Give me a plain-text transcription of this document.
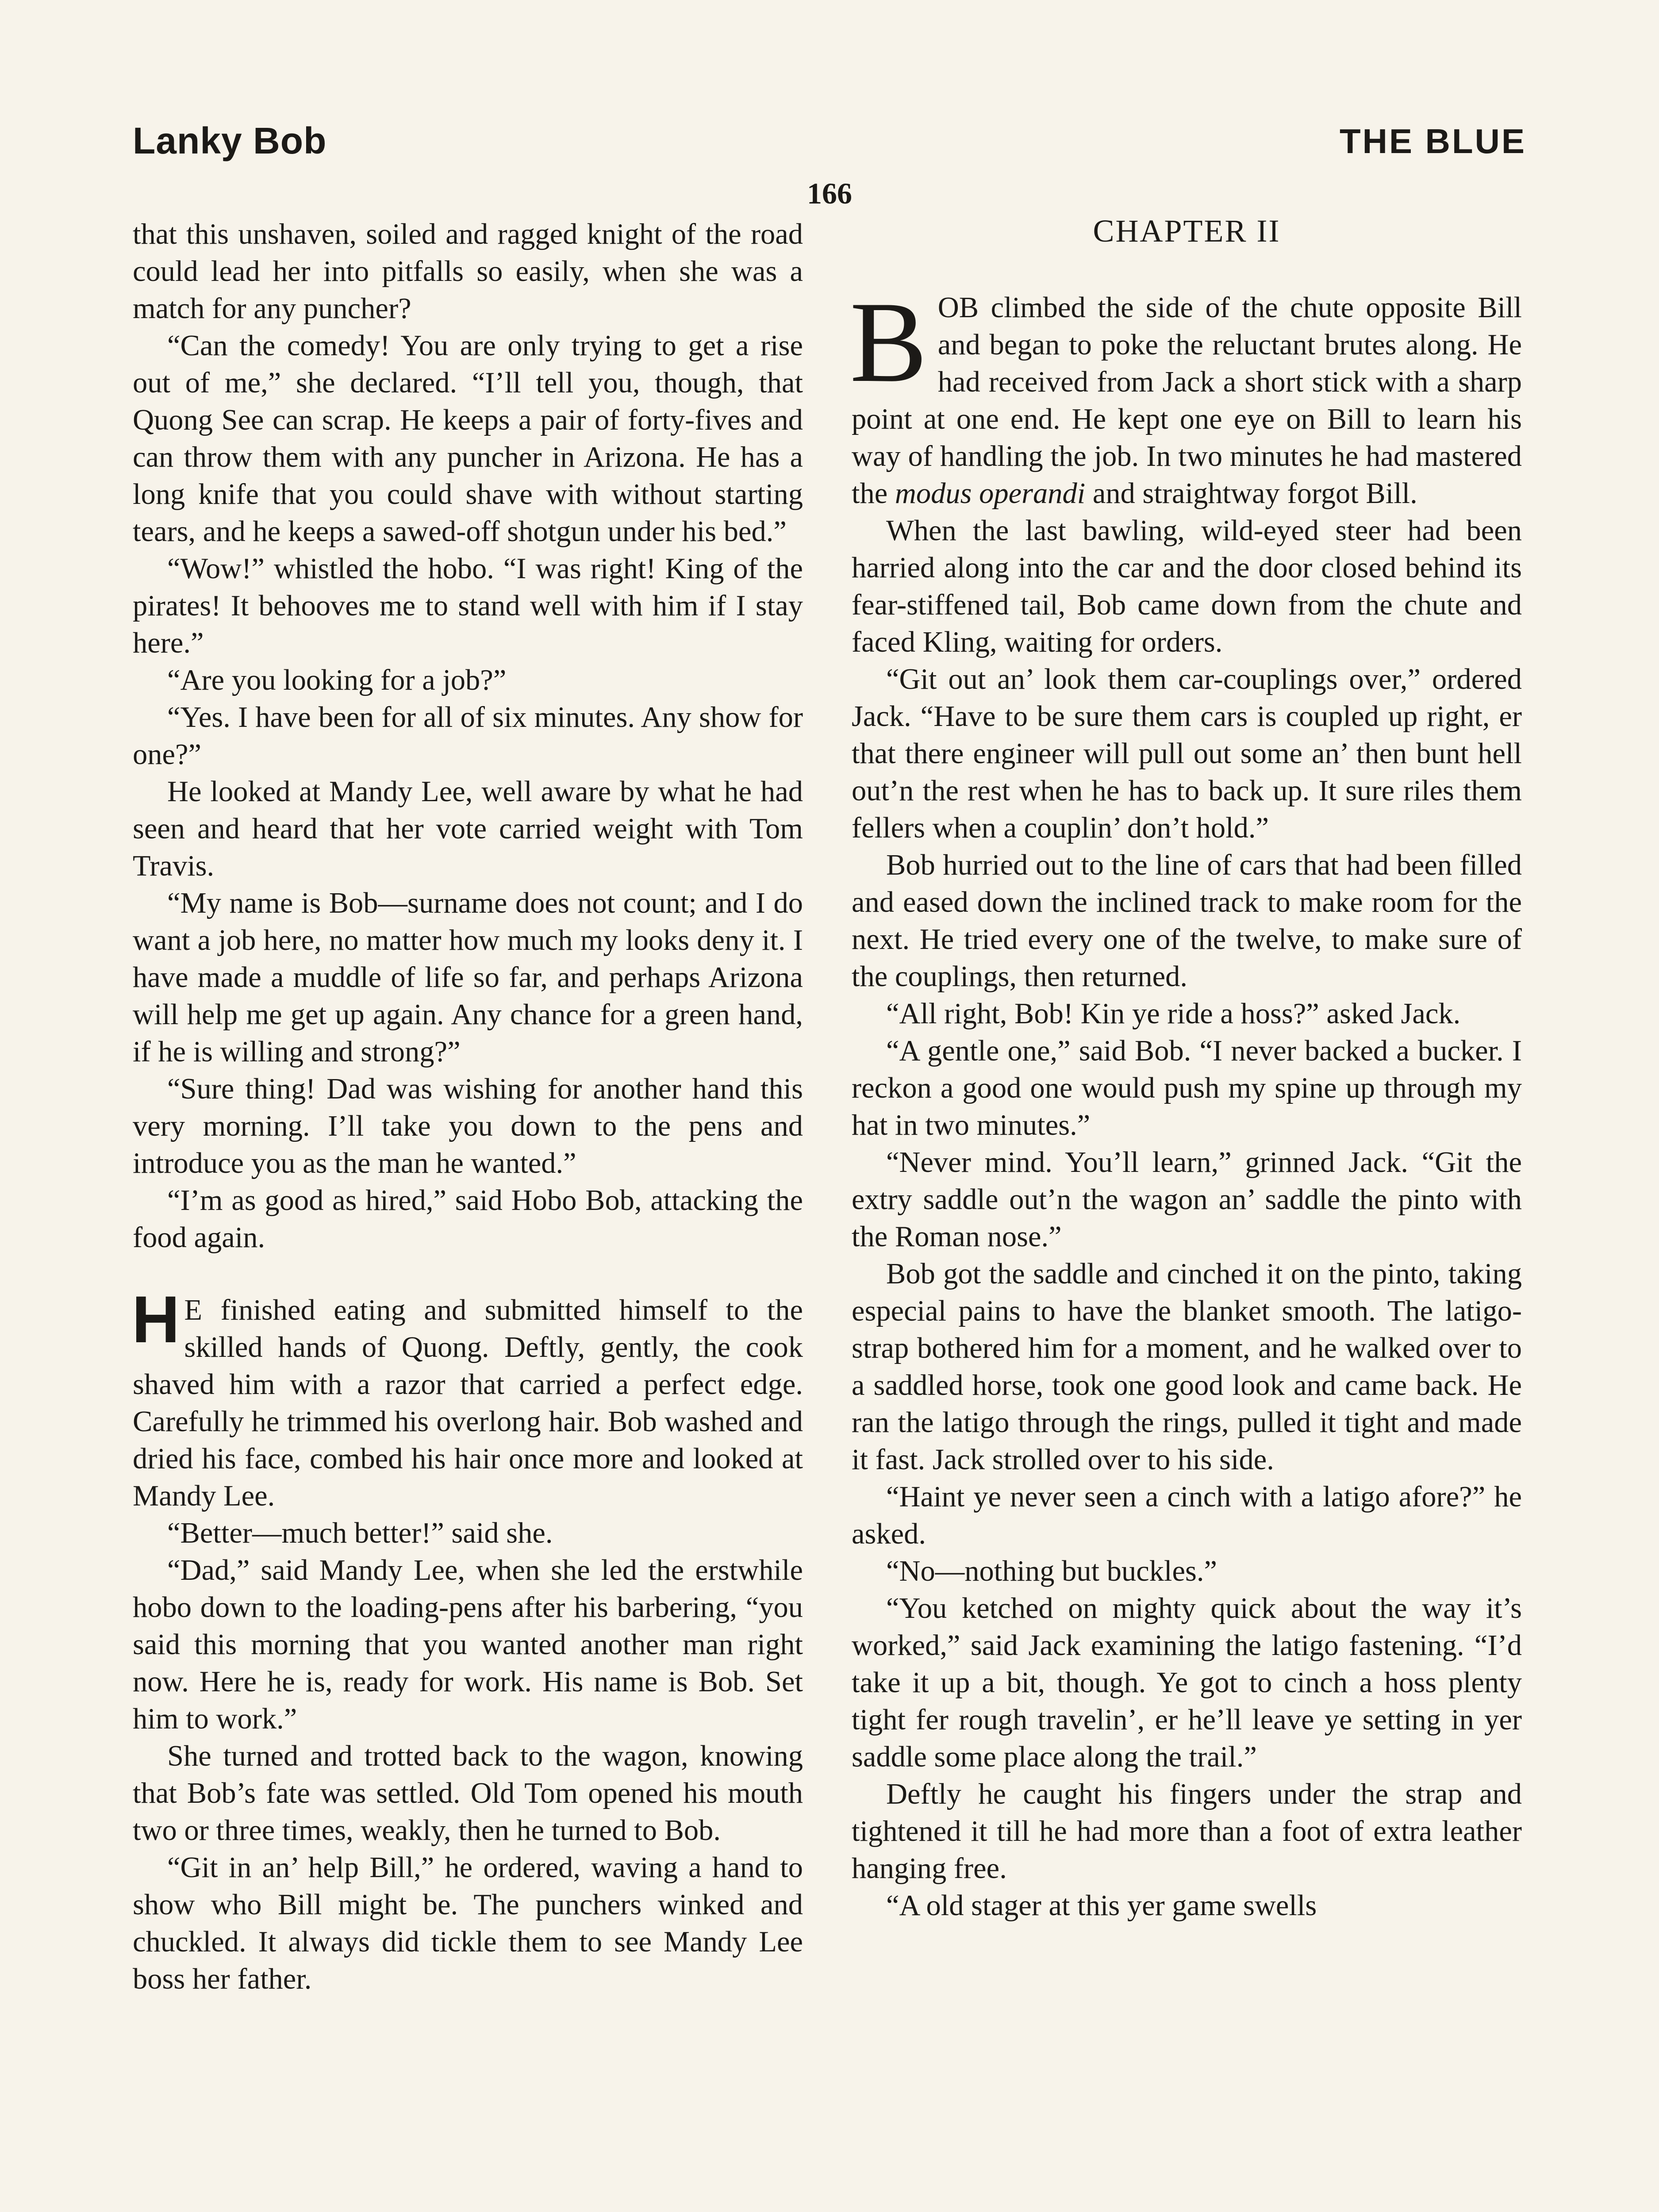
Lanky Bob	THE BLUE
166

that this unshaven, soiled and ragged knight of the road could lead her into pitfalls so easily, when she was a match for any puncher?

“Can the comedy! You are only trying to get a rise out of me,” she declared. “I’ll tell you, though, that Quong See can scrap. He keeps a pair of forty-fives and can throw them with any puncher in Arizona. He has a long knife that you could shave with without starting tears, and he keeps a sawed-off shotgun under his bed.”

“Wow!” whistled the hobo. “I was right! King of the pirates! It behooves me to stand well with him if I stay here.”

“Are you looking for a job?”

“Yes. I have been for all of six minutes. Any show for one?”

He looked at Mandy Lee, well aware by what he had seen and heard that her vote carried weight with Tom Travis.

“My name is Bob—surname does not count; and I do want a job here, no matter how much my looks deny it. I have made a muddle of life so far, and perhaps Arizona will help me get up again. Any chance for a green hand, if he is willing and strong?”

“Sure thing! Dad was wishing for another hand this very morning. I’ll take you down to the pens and introduce you as the man he wanted.”

“I’m as good as hired,” said Hobo Bob, attacking the food again.

H E finished eating and submitted himself to the skilled hands of Quong. Deftly, gently, the cook shaved him with a razor that carried a perfect edge. Carefully he trimmed his overlong hair. Bob washed and dried his face, combed his hair once more and looked at Mandy Lee.

“Better—much better!” said she.

“Dad,” said Mandy Lee, when she led the erstwhile hobo down to the loading-pens after his barbering, “you said this morning that you wanted another man right now. Here he is, ready for work. His name is Bob. Set him to work.”

She turned and trotted back to the wagon, knowing that Bob’s fate was settled. Old Tom opened his mouth two or three times, weakly, then he turned to Bob.

“Git in an’ help Bill,” he ordered, waving a hand to show who Bill might be. The punchers winked and chuckled. It always did tickle them to see Mandy Lee boss her father.

CHAPTER II

BOB climbed the side of the chute opposite Bill and began to poke the reluctant brutes along. He had received from Jack a short stick with a sharp point at one end. He kept one eye on Bill to learn his way of handling the job. In two minutes he had mastered the modus operandi and straightway forgot Bill.

When the last bawling, wild-eyed steer had been harried along into the car and the door closed behind its fear-stiffened tail, Bob came down from the chute and faced Kling, waiting for orders.

“Git out an’ look them car-couplings over,” ordered Jack. “Have to be sure them cars is coupled up right, er that there engineer will pull out some an’ then bunt hell out’n the rest when he has to back up. It sure riles them fellers when a couplin’ don’t hold.”

Bob hurried out to the line of cars that had been filled and eased down the inclined track to make room for the next. He tried every one of the twelve, to make sure of the couplings, then returned.

“All right, Bob! Kin ye ride a hoss?” asked Jack.

“A gentle one,” said Bob. “I never backed a bucker. I reckon a good one would push my spine up through my hat in two minutes.”

“Never mind. You’ll learn,” grinned Jack. “Git the extry saddle out’n the wagon an’ saddle the pinto with the Roman nose.”

Bob got the saddle and cinched it on the pinto, taking especial pains to have the blanket smooth. The latigo-strap bothered him for a moment, and he walked over to a saddled horse, took one good look and came back. He ran the latigo through the rings, pulled it tight and made it fast. Jack strolled over to his side.

“Haint ye never seen a cinch with a latigo afore?” he asked.

“No—nothing but buckles.”

“You ketched on mighty quick about the way it’s worked,” said Jack examining the latigo fastening. “I’d take it up a bit, though. Ye got to cinch a hoss plenty tight fer rough travelin’, er he’ll leave ye setting in yer saddle some place along the trail.”

Deftly he caught his fingers under the strap and tightened it till he had more than a foot of extra leather hanging free.

“A old stager at this yer game swells
